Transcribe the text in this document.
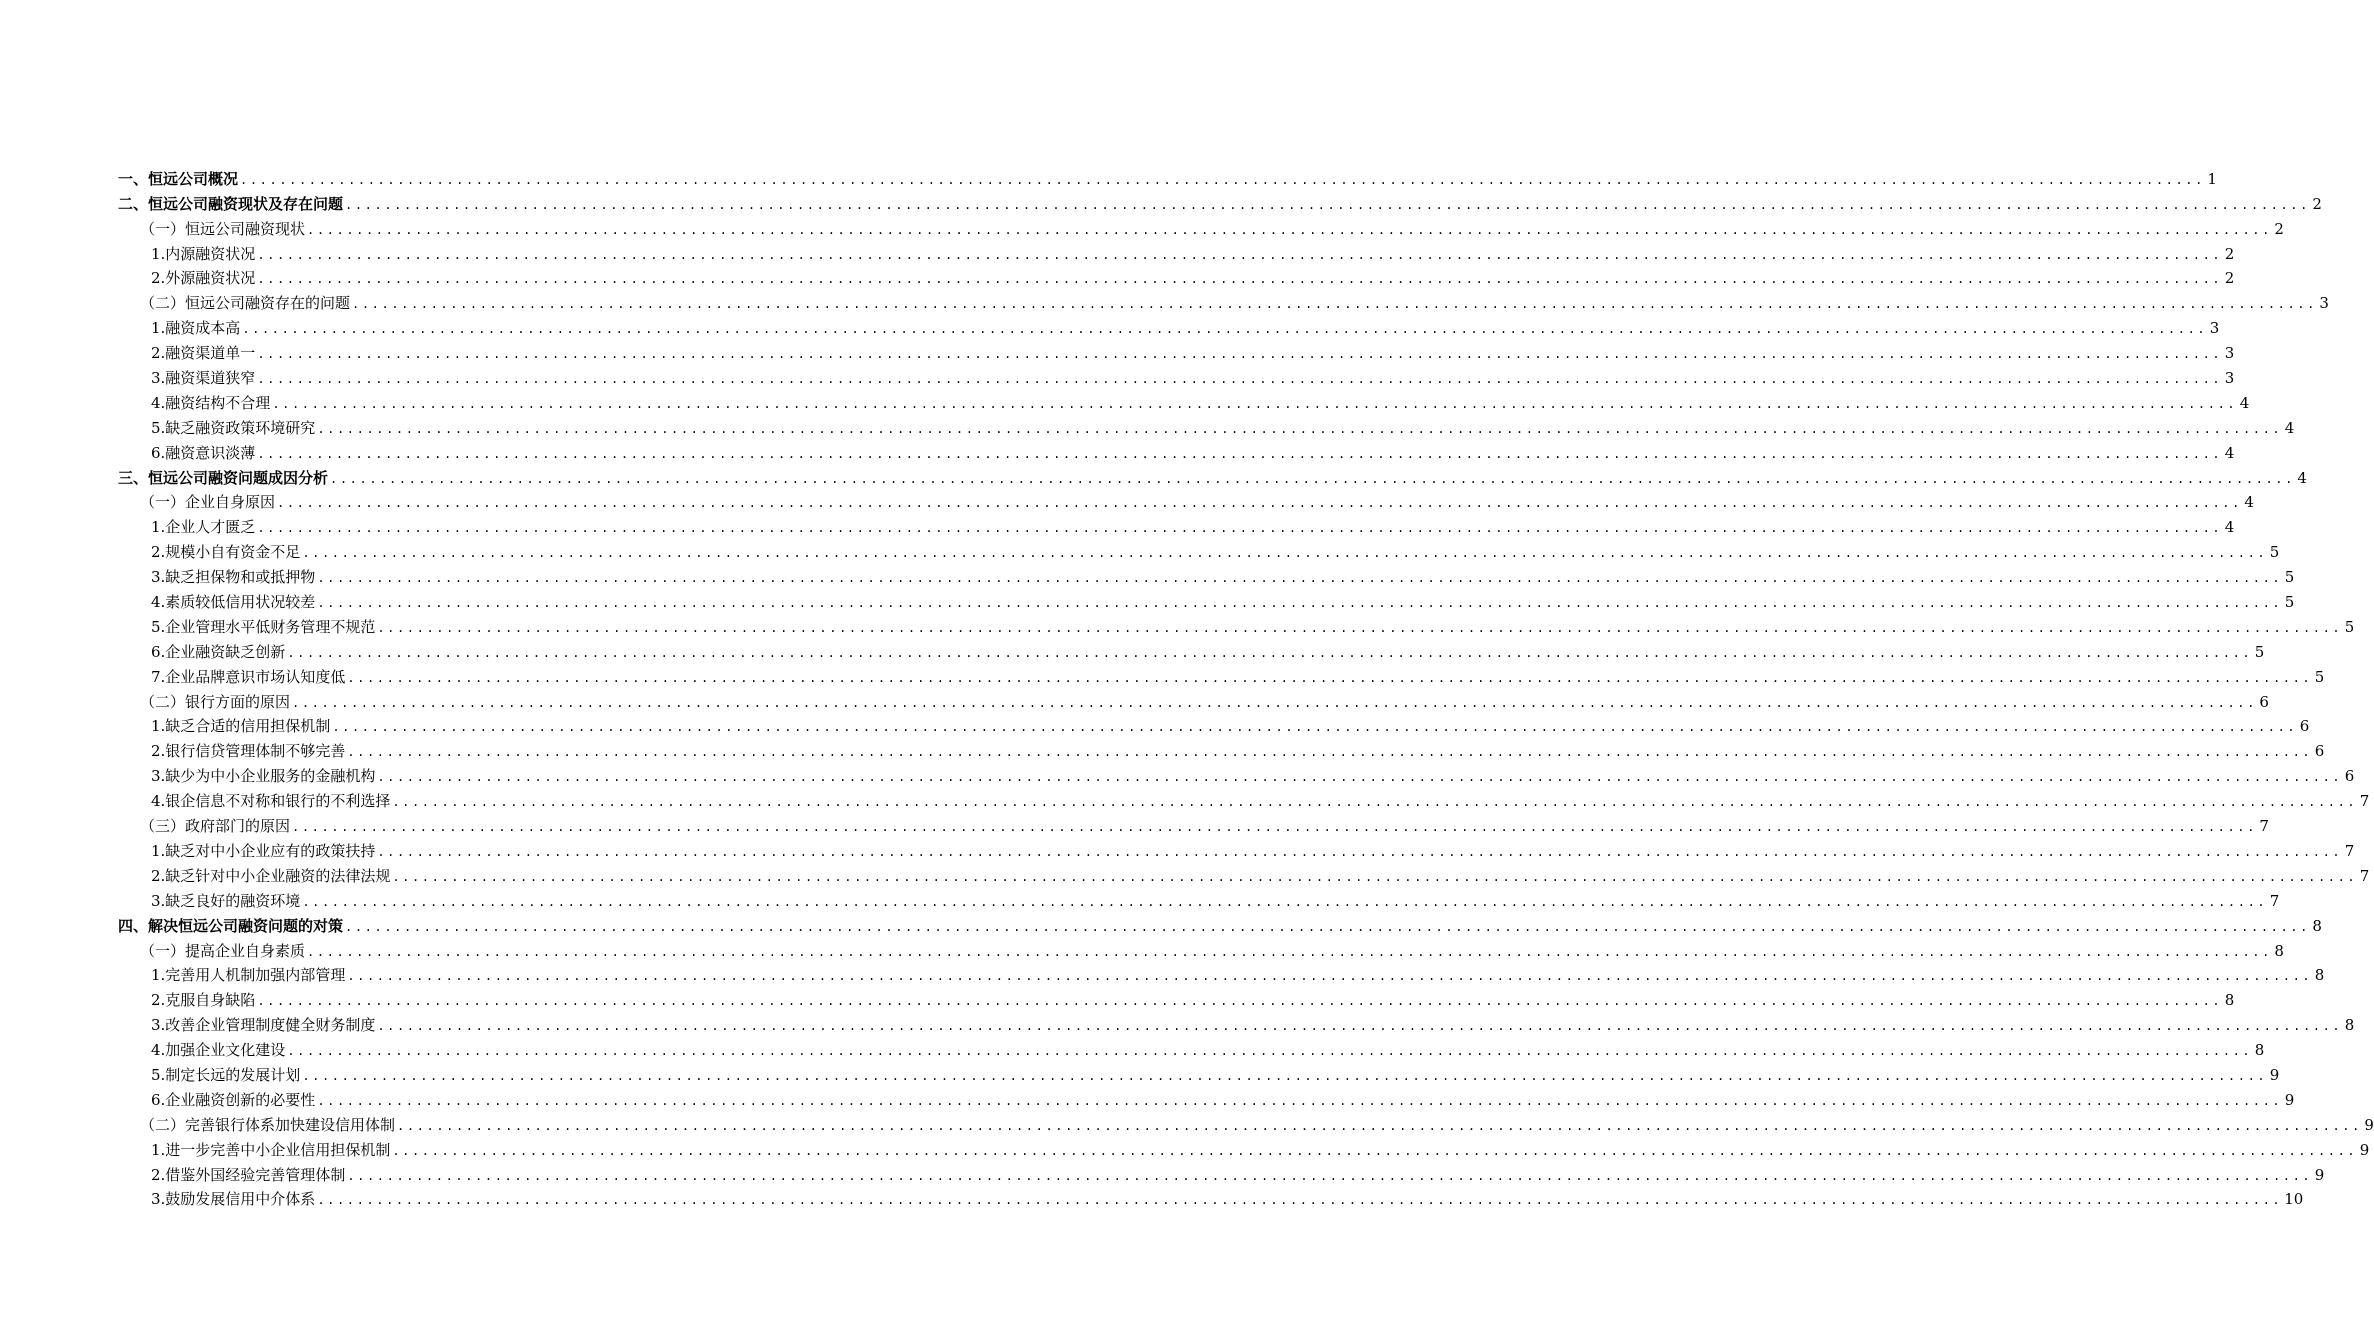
一、恒远公司概况 ........................................................................................................................................................................................................ 1
二、恒远公司融资现状及存在问题 ........................................................................................................................................................................................................ 2
（一）恒远公司融资现状 ........................................................................................................................................................................................................ 2
1.内源融资状况 ........................................................................................................................................................................................................ 2
2.外源融资状况 ........................................................................................................................................................................................................ 2
（二）恒远公司融资存在的问题 ........................................................................................................................................................................................................ 3
1.融资成本高 ........................................................................................................................................................................................................ 3
2.融资渠道单一 ........................................................................................................................................................................................................ 3
3.融资渠道狭窄 ........................................................................................................................................................................................................ 3
4.融资结构不合理 ........................................................................................................................................................................................................ 4
5.缺乏融资政策环境研究 ........................................................................................................................................................................................................ 4
6.融资意识淡薄 ........................................................................................................................................................................................................ 4
三、恒远公司融资问题成因分析 ........................................................................................................................................................................................................ 4
（一）企业自身原因 ........................................................................................................................................................................................................ 4
1.企业人才匮乏 ........................................................................................................................................................................................................ 4
2.规模小自有资金不足 ........................................................................................................................................................................................................ 5
3.缺乏担保物和或抵押物 ........................................................................................................................................................................................................ 5
4.素质较低信用状况较差 ........................................................................................................................................................................................................ 5
5.企业管理水平低财务管理不规范 ........................................................................................................................................................................................................ 5
6.企业融资缺乏创新 ........................................................................................................................................................................................................ 5
7.企业品牌意识市场认知度低 ........................................................................................................................................................................................................ 5
（二）银行方面的原因 ........................................................................................................................................................................................................ 6
1.缺乏合适的信用担保机制 ........................................................................................................................................................................................................ 6
2.银行信贷管理体制不够完善 ........................................................................................................................................................................................................ 6
3.缺少为中小企业服务的金融机构 ........................................................................................................................................................................................................ 6
4.银企信息不对称和银行的不利选择 ........................................................................................................................................................................................................ 7
（三）政府部门的原因 ........................................................................................................................................................................................................ 7
1.缺乏对中小企业应有的政策扶持 ........................................................................................................................................................................................................ 7
2.缺乏针对中小企业融资的法律法规 ........................................................................................................................................................................................................ 7
3.缺乏良好的融资环境 ........................................................................................................................................................................................................ 7
四、解决恒远公司融资问题的对策 ........................................................................................................................................................................................................ 8
（一）提高企业自身素质 ........................................................................................................................................................................................................ 8
1.完善用人机制加强内部管理 ........................................................................................................................................................................................................ 8
2.克服自身缺陷 ........................................................................................................................................................................................................ 8
3.改善企业管理制度健全财务制度 ........................................................................................................................................................................................................ 8
4.加强企业文化建设 ........................................................................................................................................................................................................ 8
5.制定长远的发展计划 ........................................................................................................................................................................................................ 9
6.企业融资创新的必要性 ........................................................................................................................................................................................................ 9
（二）完善银行体系加快建设信用体制 ........................................................................................................................................................................................................ 9
1.进一步完善中小企业信用担保机制 ........................................................................................................................................................................................................ 9
2.借鉴外国经验完善管理体制 ........................................................................................................................................................................................................ 9
3.鼓励发展信用中介体系 ........................................................................................................................................................................................................ 10
